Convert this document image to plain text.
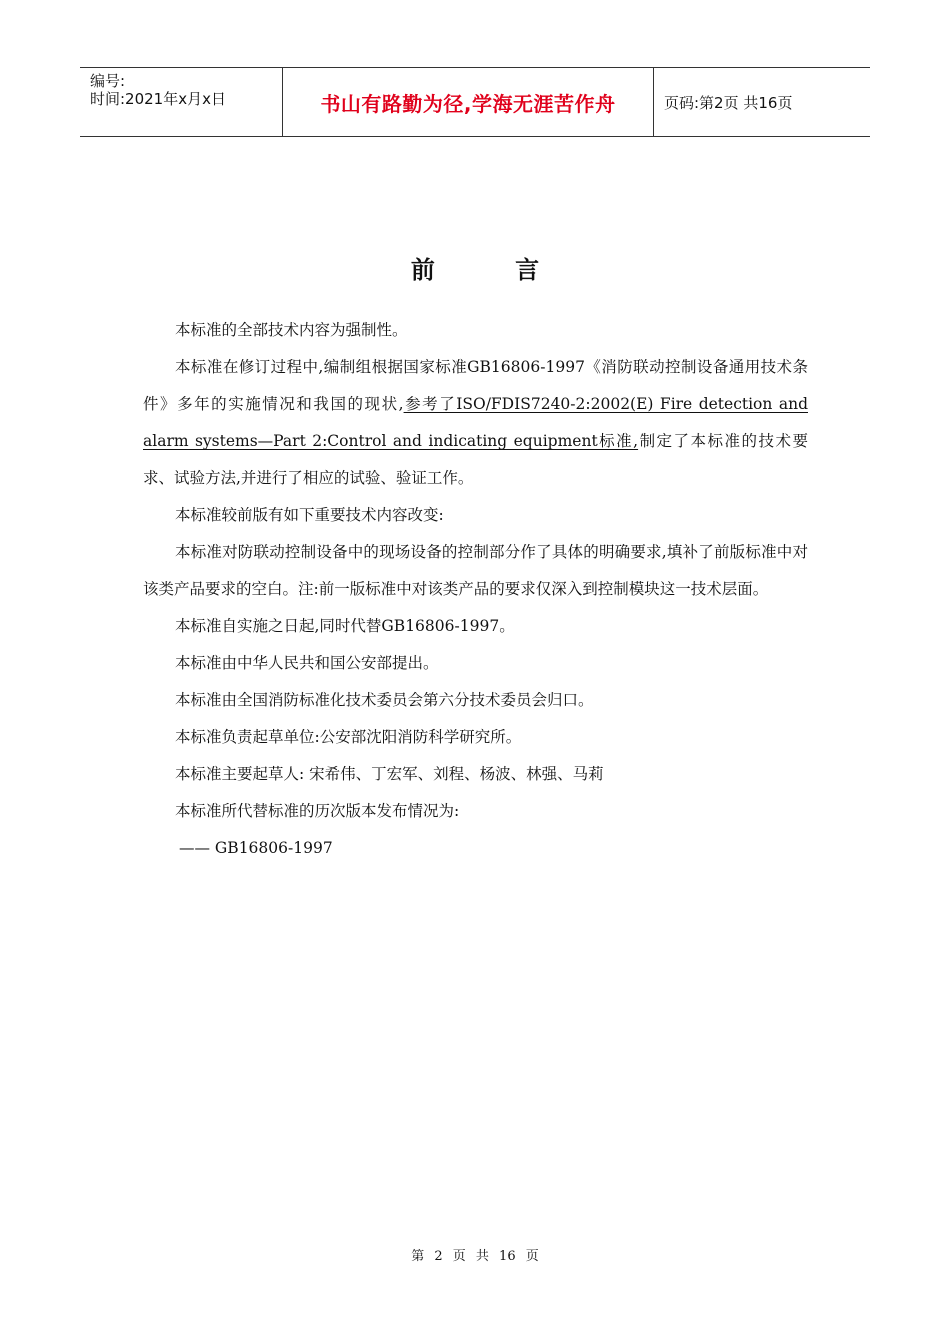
编号:
时间:2021年x月x日	书山有路勤为径,学海无涯苦作舟	页码:第2页 共16页
前 言

本标准的全部技术内容为强制性。

本标准在修订过程中,编制组根据国家标准GB16806-1997《消防联动控制设备通用技术条件》多年的实施情况和我国的现状,参考了ISO/FDIS7240-2:2002(E) Fire detection and alarm systems—Part 2:Control and indicating equipment标准,制定了本标准的技术要求、试验方法,并进行了相应的试验、验证工作。

本标准较前版有如下重要技术内容改变:

本标准对防联动控制设备中的现场设备的控制部分作了具体的明确要求,填补了前版标准中对该类产品要求的空白。注:前一版标准中对该类产品的要求仅深入到控制模块这一技术层面。

本标准自实施之日起,同时代替GB16806-1997。

本标准由中华人民共和国公安部提出。

本标准由全国消防标准化技术委员会第六分技术委员会归口。

本标准负责起草单位:公安部沈阳消防科学研究所。

本标准主要起草人: 宋希伟、丁宏军、刘程、杨波、林强、马莉

本标准所代替标准的历次版本发布情况为:

—— GB16806-1997

第 2 页 共 16 页
